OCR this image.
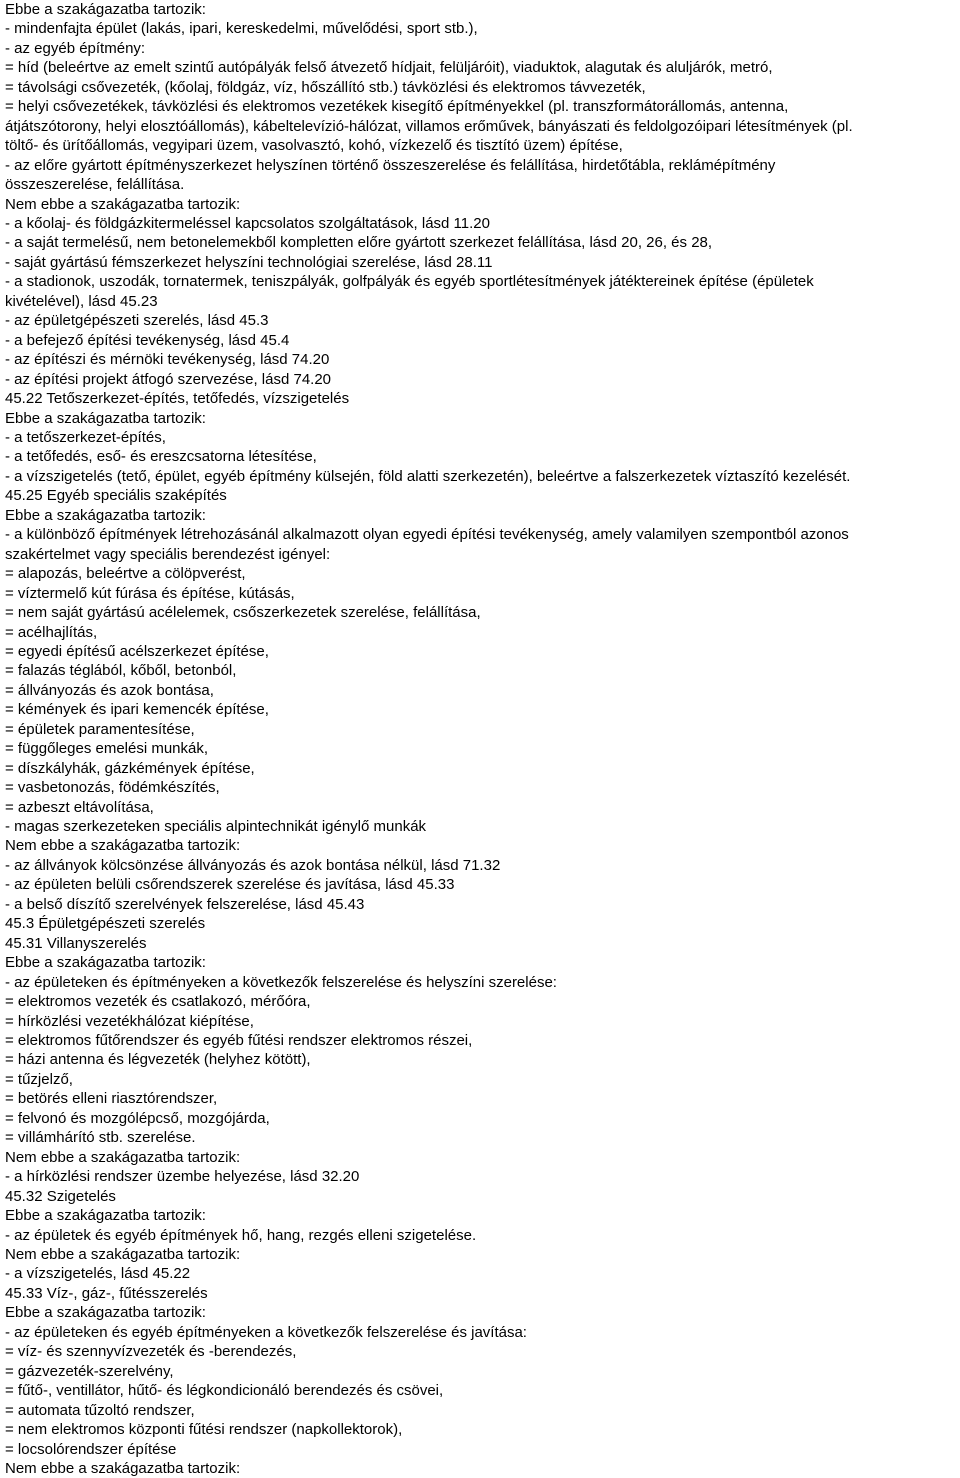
Ebbe a szakágazatba tartozik:
- mindenfajta épület (lakás, ipari, kereskedelmi, művelődési, sport stb.),
- az egyéb építmény:
= híd (beleértve az emelt szintű autópályák felső átvezető hídjait, felüljáróit), viaduktok, alagutak és aluljárók, metró,
= távolsági csővezeték, (kőolaj, földgáz, víz, hőszállító stb.) távközlési és elektromos távvezeték,
= helyi csővezetékek, távközlési és elektromos vezetékek kisegítő építményekkel (pl. transzformátorállomás, antenna,
átjátszótorony, helyi elosztóállomás), kábeltelevízió-hálózat, villamos erőművek, bányászati és feldolgozóipari létesítmények (pl.
töltő- és ürítőállomás, vegyipari üzem, vasolvasztó, kohó, vízkezelő és tisztító üzem) építése,
- az előre gyártott építményszerkezet helyszínen történő összeszerelése és felállítása, hirdetőtábla, reklámépítmény
összeszerelése, felállítása.
Nem ebbe a szakágazatba tartozik:
- a kőolaj- és földgázkitermeléssel kapcsolatos szolgáltatások, lásd 11.20
- a saját termelésű, nem betonelemekből kompletten előre gyártott szerkezet felállítása, lásd 20, 26, és 28,
- saját gyártású fémszerkezet helyszíni technológiai szerelése, lásd 28.11
- a stadionok, uszodák, tornatermek, teniszpályák, golfpályák és egyéb sportlétesítmények játéktereinek építése (épületek
kivételével), lásd 45.23
- az épületgépészeti szerelés, lásd 45.3
- a befejező építési tevékenység, lásd 45.4
- az építészi és mérnöki tevékenység, lásd 74.20
- az építési projekt átfogó szervezése, lásd 74.20
45.22 Tetőszerkezet-építés, tetőfedés, vízszigetelés
Ebbe a szakágazatba tartozik:
- a tetőszerkezet-építés,
- a tetőfedés, eső- és ereszcsatorna létesítése,
- a vízszigetelés (tető, épület, egyéb építmény külsején, föld alatti szerkezetén), beleértve a falszerkezetek víztaszító kezelését.
45.25 Egyéb speciális szaképítés
Ebbe a szakágazatba tartozik:
- a különböző építmények létrehozásánál alkalmazott olyan egyedi építési tevékenység, amely valamilyen szempontból azonos
szakértelmet vagy speciális berendezést igényel:
= alapozás, beleértve a cölöpverést,
= víztermelő kút fúrása és építése, kútásás,
= nem saját gyártású acélelemek, csőszerkezetek szerelése, felállítása,
= acélhajlítás,
= egyedi építésű acélszerkezet építése,
= falazás téglából, kőből, betonból,
= állványozás és azok bontása,
= kémények és ipari kemencék építése,
= épületek paramentesítése,
= függőleges emelési munkák,
= díszkályhák, gázkémények építése,
= vasbetonozás, födémkészítés,
= azbeszt eltávolítása,
- magas szerkezeteken speciális alpintechnikát igénylő munkák
Nem ebbe a szakágazatba tartozik:
- az állványok kölcsönzése állványozás és azok bontása nélkül, lásd 71.32
- az épületen belüli csőrendszerek szerelése és javítása, lásd 45.33
- a belső díszítő szerelvények felszerelése, lásd 45.43
45.3 Épületgépészeti szerelés
45.31 Villanyszerelés
Ebbe a szakágazatba tartozik:
- az épületeken és építményeken a következők felszerelése és helyszíni szerelése:
= elektromos vezeték és csatlakozó, mérőóra,
= hírközlési vezetékhálózat kiépítése,
= elektromos fűtőrendszer és egyéb fűtési rendszer elektromos részei,
= házi antenna és légvezeték (helyhez kötött),
= tűzjelző,
= betörés elleni riasztórendszer,
= felvonó és mozgólépcső, mozgójárda,
= villámhárító stb. szerelése.
Nem ebbe a szakágazatba tartozik:
- a hírközlési rendszer üzembe helyezése, lásd 32.20
45.32 Szigetelés
Ebbe a szakágazatba tartozik:
- az épületek és egyéb építmények hő, hang, rezgés elleni szigetelése.
Nem ebbe a szakágazatba tartozik:
- a vízszigetelés, lásd 45.22
45.33 Víz-, gáz-, fűtésszerelés
Ebbe a szakágazatba tartozik:
- az épületeken és egyéb építményeken a következők felszerelése és javítása:
= víz- és szennyvízvezeték és -berendezés,
= gázvezeték-szerelvény,
= fűtő-, ventillátor, hűtő- és légkondicionáló berendezés és csövei,
= automata tűzoltó rendszer,
= nem elektromos központi fűtési rendszer (napkollektorok),
= locsolórendszer építése
Nem ebbe a szakágazatba tartozik:
